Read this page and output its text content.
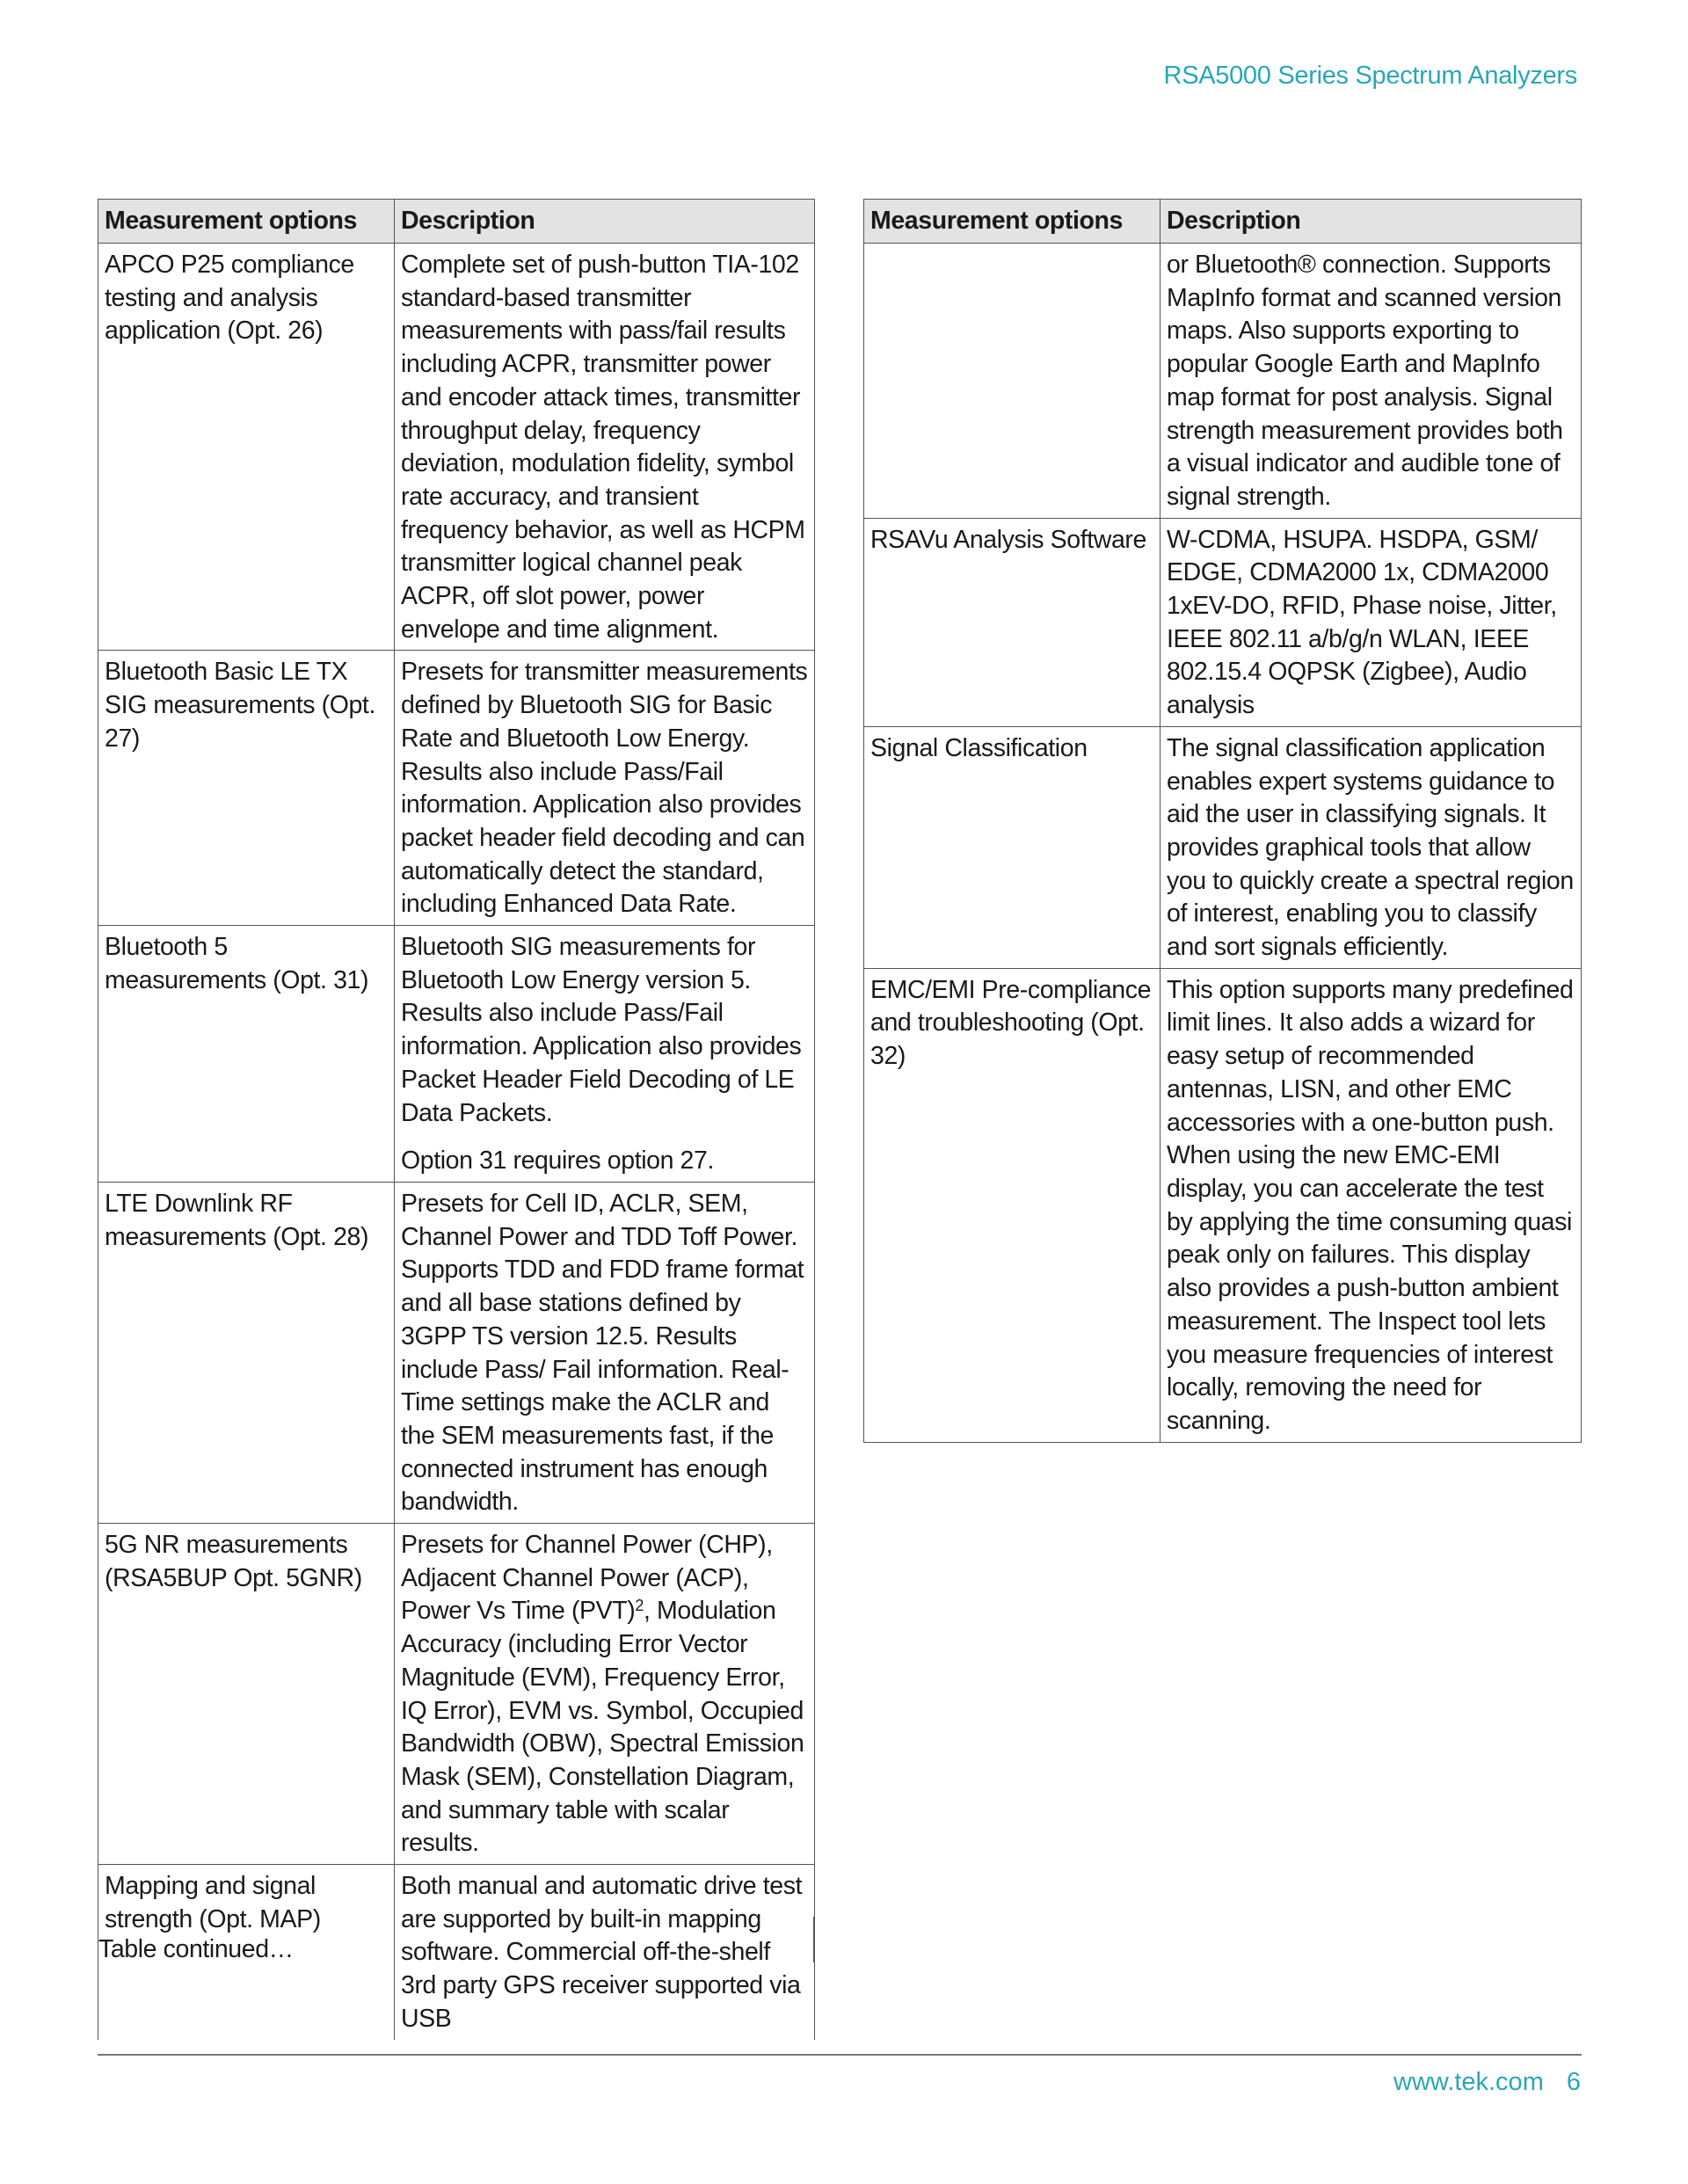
RSA5000 Series Spectrum Analyzers
Measurement options	Description
APCO P25 compliance testing and analysis application (Opt. 26)	Complete set of push-button TIA-102 standard-based transmitter measurements with pass/fail results including ACPR, transmitter power and encoder attack times, transmitter throughput delay, frequency deviation, modulation fidelity, symbol rate accuracy, and transient frequency behavior, as well as HCPM transmitter logical channel peak ACPR, off slot power, power envelope and time alignment.
Bluetooth Basic LE TX SIG measurements (Opt. 27)	Presets for transmitter measurements defined by Bluetooth SIG for Basic Rate and Bluetooth Low Energy. Results also include Pass/Fail information. Application also provides packet header field decoding and can automatically detect the standard, including Enhanced Data Rate.
Bluetooth 5 measurements (Opt. 31)	Bluetooth SIG measurements for Bluetooth Low Energy version 5. Results also include Pass/Fail information. Application also provides Packet Header Field Decoding of LE Data Packets.
Option 31 requires option 27.

LTE Downlink RF measurements (Opt. 28)	Presets for Cell ID, ACLR, SEM, Channel Power and TDD Toff Power. Supports TDD and FDD frame format and all base stations defined by 3GPP TS version 12.5. Results include Pass/ Fail information. Real-Time settings make the ACLR and the SEM measurements fast, if the connected instrument has enough bandwidth.
5G NR measurements (RSA5BUP Opt. 5GNR)	Presets for Channel Power (CHP), Adjacent Channel Power (ACP), Power Vs Time (PVT)$^2$, Modulation Accuracy (including Error Vector Magnitude (EVM), Frequency Error, IQ Error), EVM vs. Symbol, Occupied Bandwidth (OBW), Spectral Emission Mask (SEM), Constellation Diagram, and summary table with scalar results.
Mapping and signal strength (Opt. MAP)	Both manual and automatic drive test are supported by built-in mapping software. Commercial off-the-shelf 3rd party GPS receiver supported via USB
Table continued…
Measurement options	Description
	or Bluetooth® connection. Supports MapInfo format and scanned version maps. Also supports exporting to popular Google Earth and MapInfo map format for post analysis. Signal strength measurement provides both a visual indicator and audible tone of signal strength.
RSAVu Analysis Software	W-CDMA, HSUPA. HSDPA, GSM/ EDGE, CDMA2000 1x, CDMA2000 1xEV-DO, RFID, Phase noise, Jitter, IEEE 802.11 a/b/g/n WLAN, IEEE 802.15.4 OQPSK (Zigbee), Audio analysis
Signal Classification	The signal classification application enables expert systems guidance to aid the user in classifying signals. It provides graphical tools that allow you to quickly create a spectral region of interest, enabling you to classify and sort signals efficiently.
EMC/EMI Pre-compliance and troubleshooting (Opt. 32)	This option supports many predefined limit lines. It also adds a wizard for easy setup of recommended antennas, LISN, and other EMC accessories with a one-button push. When using the new EMC-EMI display, you can accelerate the test by applying the time consuming quasi peak only on failures. This display also provides a push-button ambient measurement. The Inspect tool lets you measure frequencies of interest locally, removing the need for scanning.
www.tek.com 6
